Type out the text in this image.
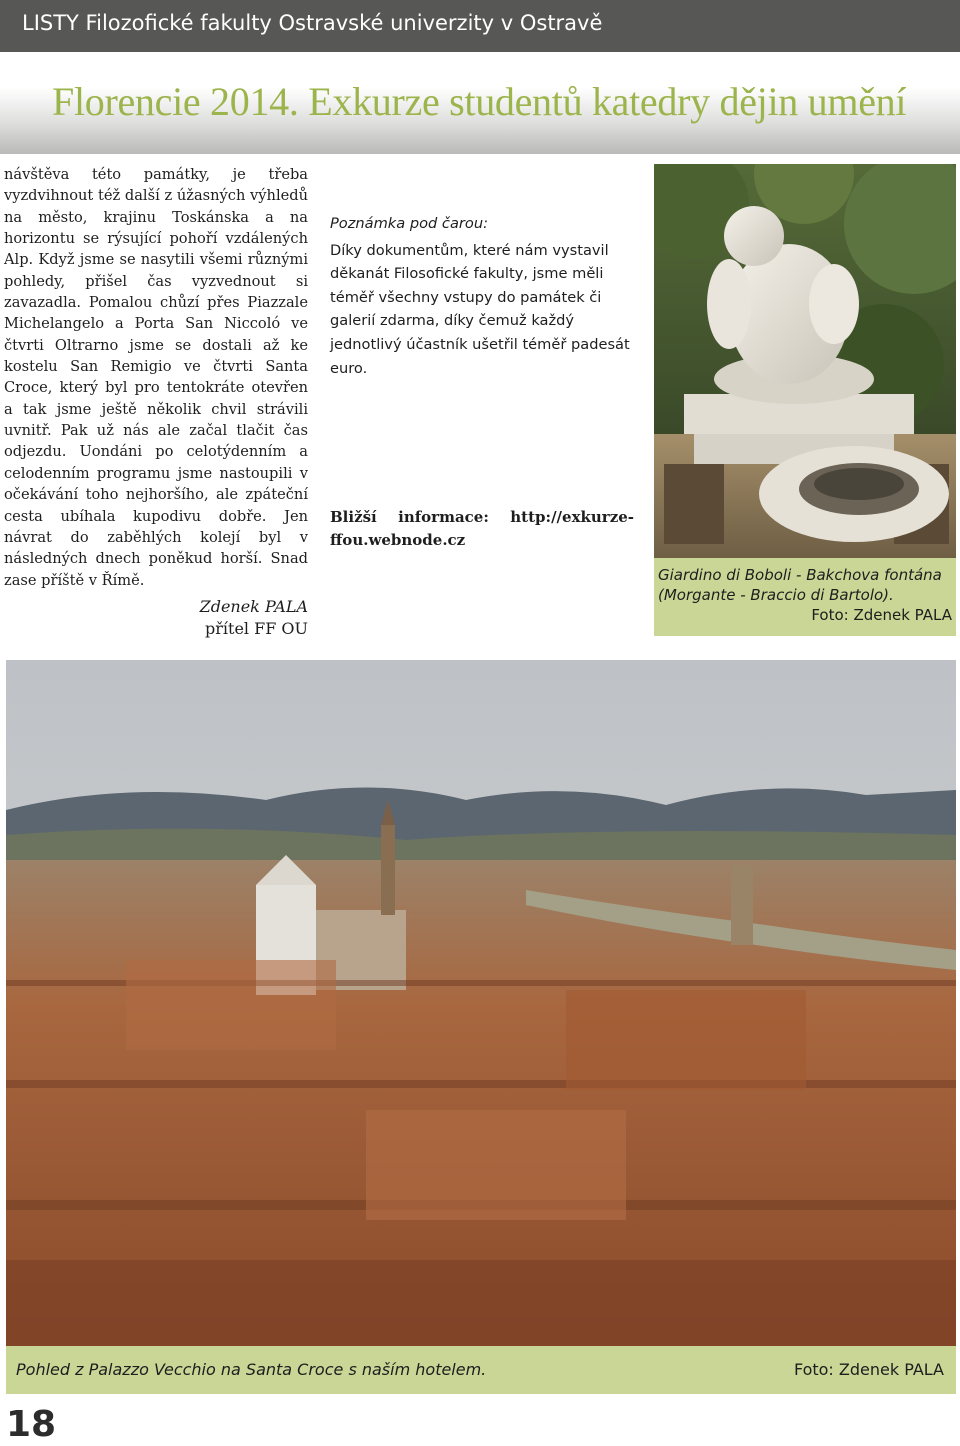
LISTY Filozofické fakulty Ostravské univerzity v Ostravě
Florencie 2014. Exkurze studentů katedry dějin umění

návštěva této památky, je třeba vyzdvihnout též další z úžasných výhledů na město, krajinu Toskánska a na horizontu se rýsující pohoří vzdálených Alp. Když jsme se nasytili všemi různými pohledy, přišel čas vyzvednout si zavazadla. Pomalou chůzí přes Piazzale Michelangelo a Porta San Niccoló ve čtvrti Oltrarno jsme se dostali až ke kostelu San Remigio ve čtvrti Santa Croce, který byl pro tentokráte otevřen a tak jsme ještě několik chvil strávili uvnitř. Pak už nás ale začal tlačit čas odjezdu. Uondáni po celotýdenním a celodenním programu jsme nastoupili v očekávání toho nejhoršího, ale zpáteční cesta ubíhala kupodivu dobře. Jen návrat do zaběhlých kolejí byl v následných dnech poněkud horší. Snad zase příště v Římě.

Zdenek PALA
přítel FF OU

Poznámka pod čarou:

Díky dokumentům, které nám vystavil děkanát Filosofické fakulty, jsme měli téměř všechny vstupy do památek či galerií zdarma, díky čemuž každý jednotlivý účastník ušetřil téměř padesát euro.

Bližší informace: http://exkurze-ffou.webnode.cz
Giardino di Boboli - Bakchova fontána (Morgante - Braccio di Bartolo).
Foto: Zdenek PALA
Pohled z Palazzo Vecchio na Santa Croce s naším hotelem.	Foto: Zdenek PALA
18
